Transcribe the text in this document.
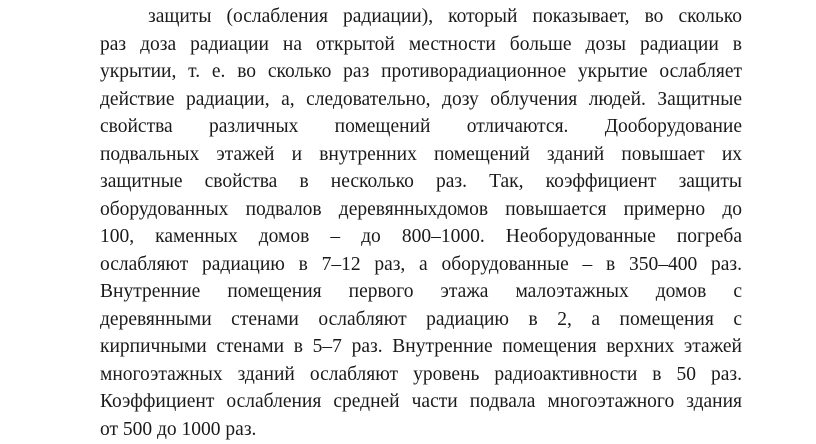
защиты (ослабления радиации), который показывает, во сколько
раз доза радиации на открытой местности больше дозы радиации в
укрытии, т. е. во сколько раз противорадиационное укрытие ослабляет
действие радиации, а, следовательно, дозу облучения людей. Защитные
свойства различных помещений отличаются. Дооборудование
подвальных этажей и внутренних помещений зданий повышает их
защитные свойства в несколько раз. Так, коэффициент защиты
оборудованных подвалов деревянныхдомов повышается примерно до
100, каменных домов – до 800–1000. Необорудованные погреба
ослабляют радиацию в 7–12 раз, а оборудованные – в 350–400 раз.
Внутренние помещения первого этажа малоэтажных домов с
деревянными стенами ослабляют радиацию в 2, а помещения с
кирпичными стенами в 5–7 раз. Внутренние помещения верхних этажей
многоэтажных зданий ослабляют уровень радиоактивности в 50 раз.
Коэффициент ослабления средней части подвала многоэтажного здания
от 500 до 1000 раз.
